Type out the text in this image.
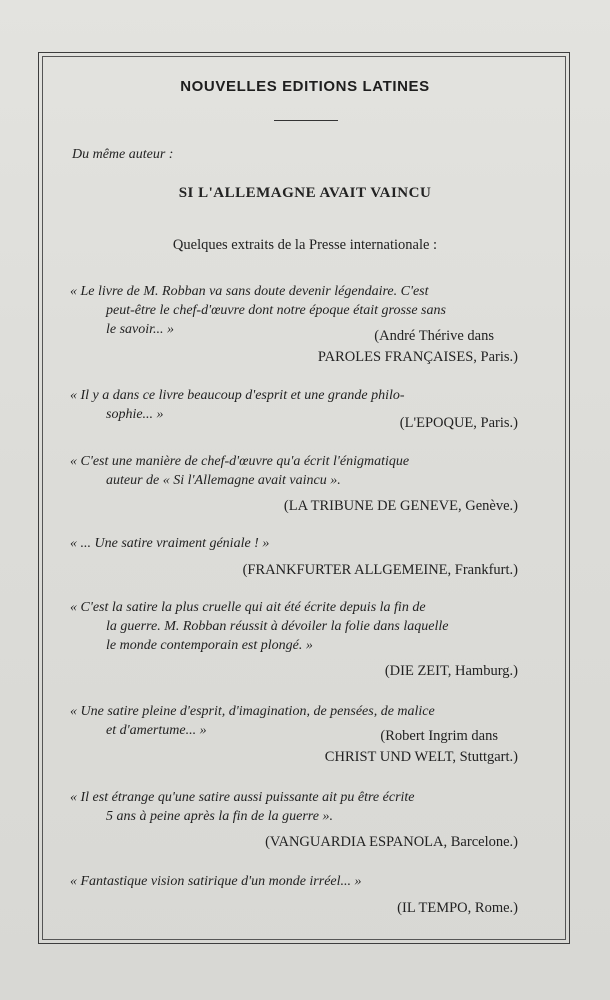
NOUVELLES EDITIONS LATINES
Du même auteur :
SI L'ALLEMAGNE AVAIT VAINCU
Quelques extraits de la Presse internationale :
« Le livre de M. Robban va sans doute devenir légendaire. C'est
peut-être le chef-d'œuvre dont notre époque était grosse sans
le savoir... »	(André Thérive dans
PAROLES FRANÇAISES, Paris.)
« Il y a dans ce livre beaucoup d'esprit et une grande philo-
sophie... »
(L'EPOQUE, Paris.)
« C'est une manière de chef-d'œuvre qu'a écrit l'énigmatique
auteur de « Si l'Allemagne avait vaincu ».
(LA TRIBUNE DE GENEVE, Genève.)
« ... Une satire vraiment géniale ! »
(FRANKFURTER ALLGEMEINE, Frankfurt.)
« C'est la satire la plus cruelle qui ait été écrite depuis la fin de
la guerre. M. Robban réussit à dévoiler la folie dans laquelle
le monde contemporain est plongé. »
(DIE ZEIT, Hamburg.)
« Une satire pleine d'esprit, d'imagination, de pensées, de malice
et d'amertume... »	(Robert Ingrim dans
CHRIST UND WELT, Stuttgart.)
« Il est étrange qu'une satire aussi puissante ait pu être écrite
5 ans à peine après la fin de la guerre ».
(VANGUARDIA ESPANOLA, Barcelone.)
« Fantastique vision satirique d'un monde irréel... »
(IL TEMPO, Rome.)
